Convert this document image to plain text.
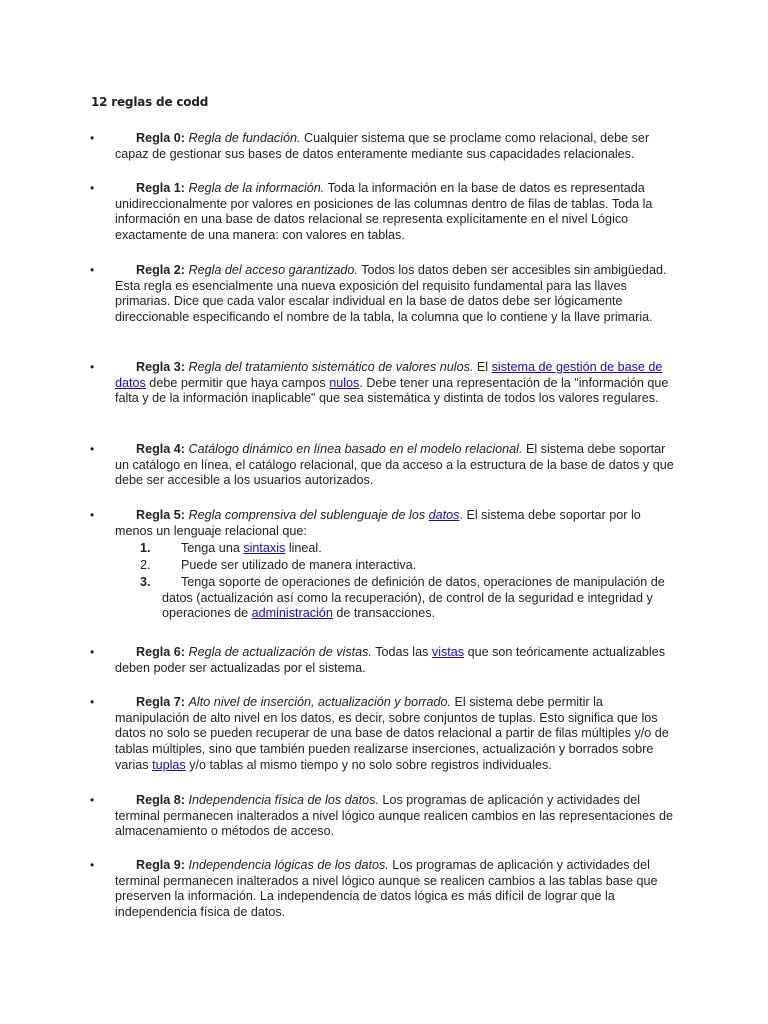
12 reglas de codd
•	Regla 0: Regla de fundación. Cualquier sistema que se proclame como relacional, debe ser capaz de gestionar sus bases de datos enteramente mediante sus capacidades relacionales.

•	Regla 1: Regla de la información. Toda la información en la base de datos es representada unidireccionalmente por valores en posiciones de las columnas dentro de filas de tablas. Toda la información en una base de datos relacional se representa explícitamente en el nivel Lógico exactamente de una manera: con valores en tablas.

•	Regla 2: Regla del acceso garantizado. Todos los datos deben ser accesibles sin ambigüedad. Esta regla es esencialmente una nueva exposición del requisito fundamental para las llaves primarias. Dice que cada valor escalar individual en la base de datos debe ser lógicamente direccionable especificando el nombre de la tabla, la columna que lo contiene y la llave primaria.

•	Regla 3: Regla del tratamiento sistemático de valores nulos. El sistema de gestión de base de datos debe permitir que haya campos nulos. Debe tener una representación de la "información que falta y de la información inaplicable" que sea sistemática y distinta de todos los valores regulares.

•	Regla 4: Catálogo dinámico en línea basado en el modelo relacional. El sistema debe soportar un catálogo en línea, el catálogo relacional, que da acceso a la estructura de la base de datos y que debe ser accesible a los usuarios autorizados.

•	Regla 5: Regla comprensiva del sublenguaje de los datos. El sistema debe soportar por lo menos un lenguaje relacional que:

1. Tenga una sintaxis lineal.
2. Puede ser utilizado de manera interactiva.
3. Tenga soporte de operaciones de definición de datos, operaciones de manipulación de datos (actualización así como la recuperación), de control de la seguridad e integridad y operaciones de administración de transacciones.
•	Regla 6: Regla de actualización de vistas. Todas las vistas que son teóricamente actualizables deben poder ser actualizadas por el sistema.

•	Regla 7: Alto nivel de inserción, actualización y borrado. El sistema debe permitir la manipulación de alto nivel en los datos, es decir, sobre conjuntos de tuplas. Esto significa que los datos no solo se pueden recuperar de una base de datos relacional a partir de filas múltiples y/o de tablas múltiples, sino que también pueden realizarse inserciones, actualización y borrados sobre varias tuplas y/o tablas al mismo tiempo y no solo sobre registros individuales.

•	Regla 8: Independencia física de los datos. Los programas de aplicación y actividades del terminal permanecen inalterados a nivel lógico aunque realicen cambios en las representaciones de almacenamiento o métodos de acceso.

•	Regla 9: Independencia lógicas de los datos. Los programas de aplicación y actividades del terminal permanecen inalterados a nivel lógico aunque se realicen cambios a las tablas base que preserven la información. La independencia de datos lógica es más difícil de lograr que la independencia física de datos.
